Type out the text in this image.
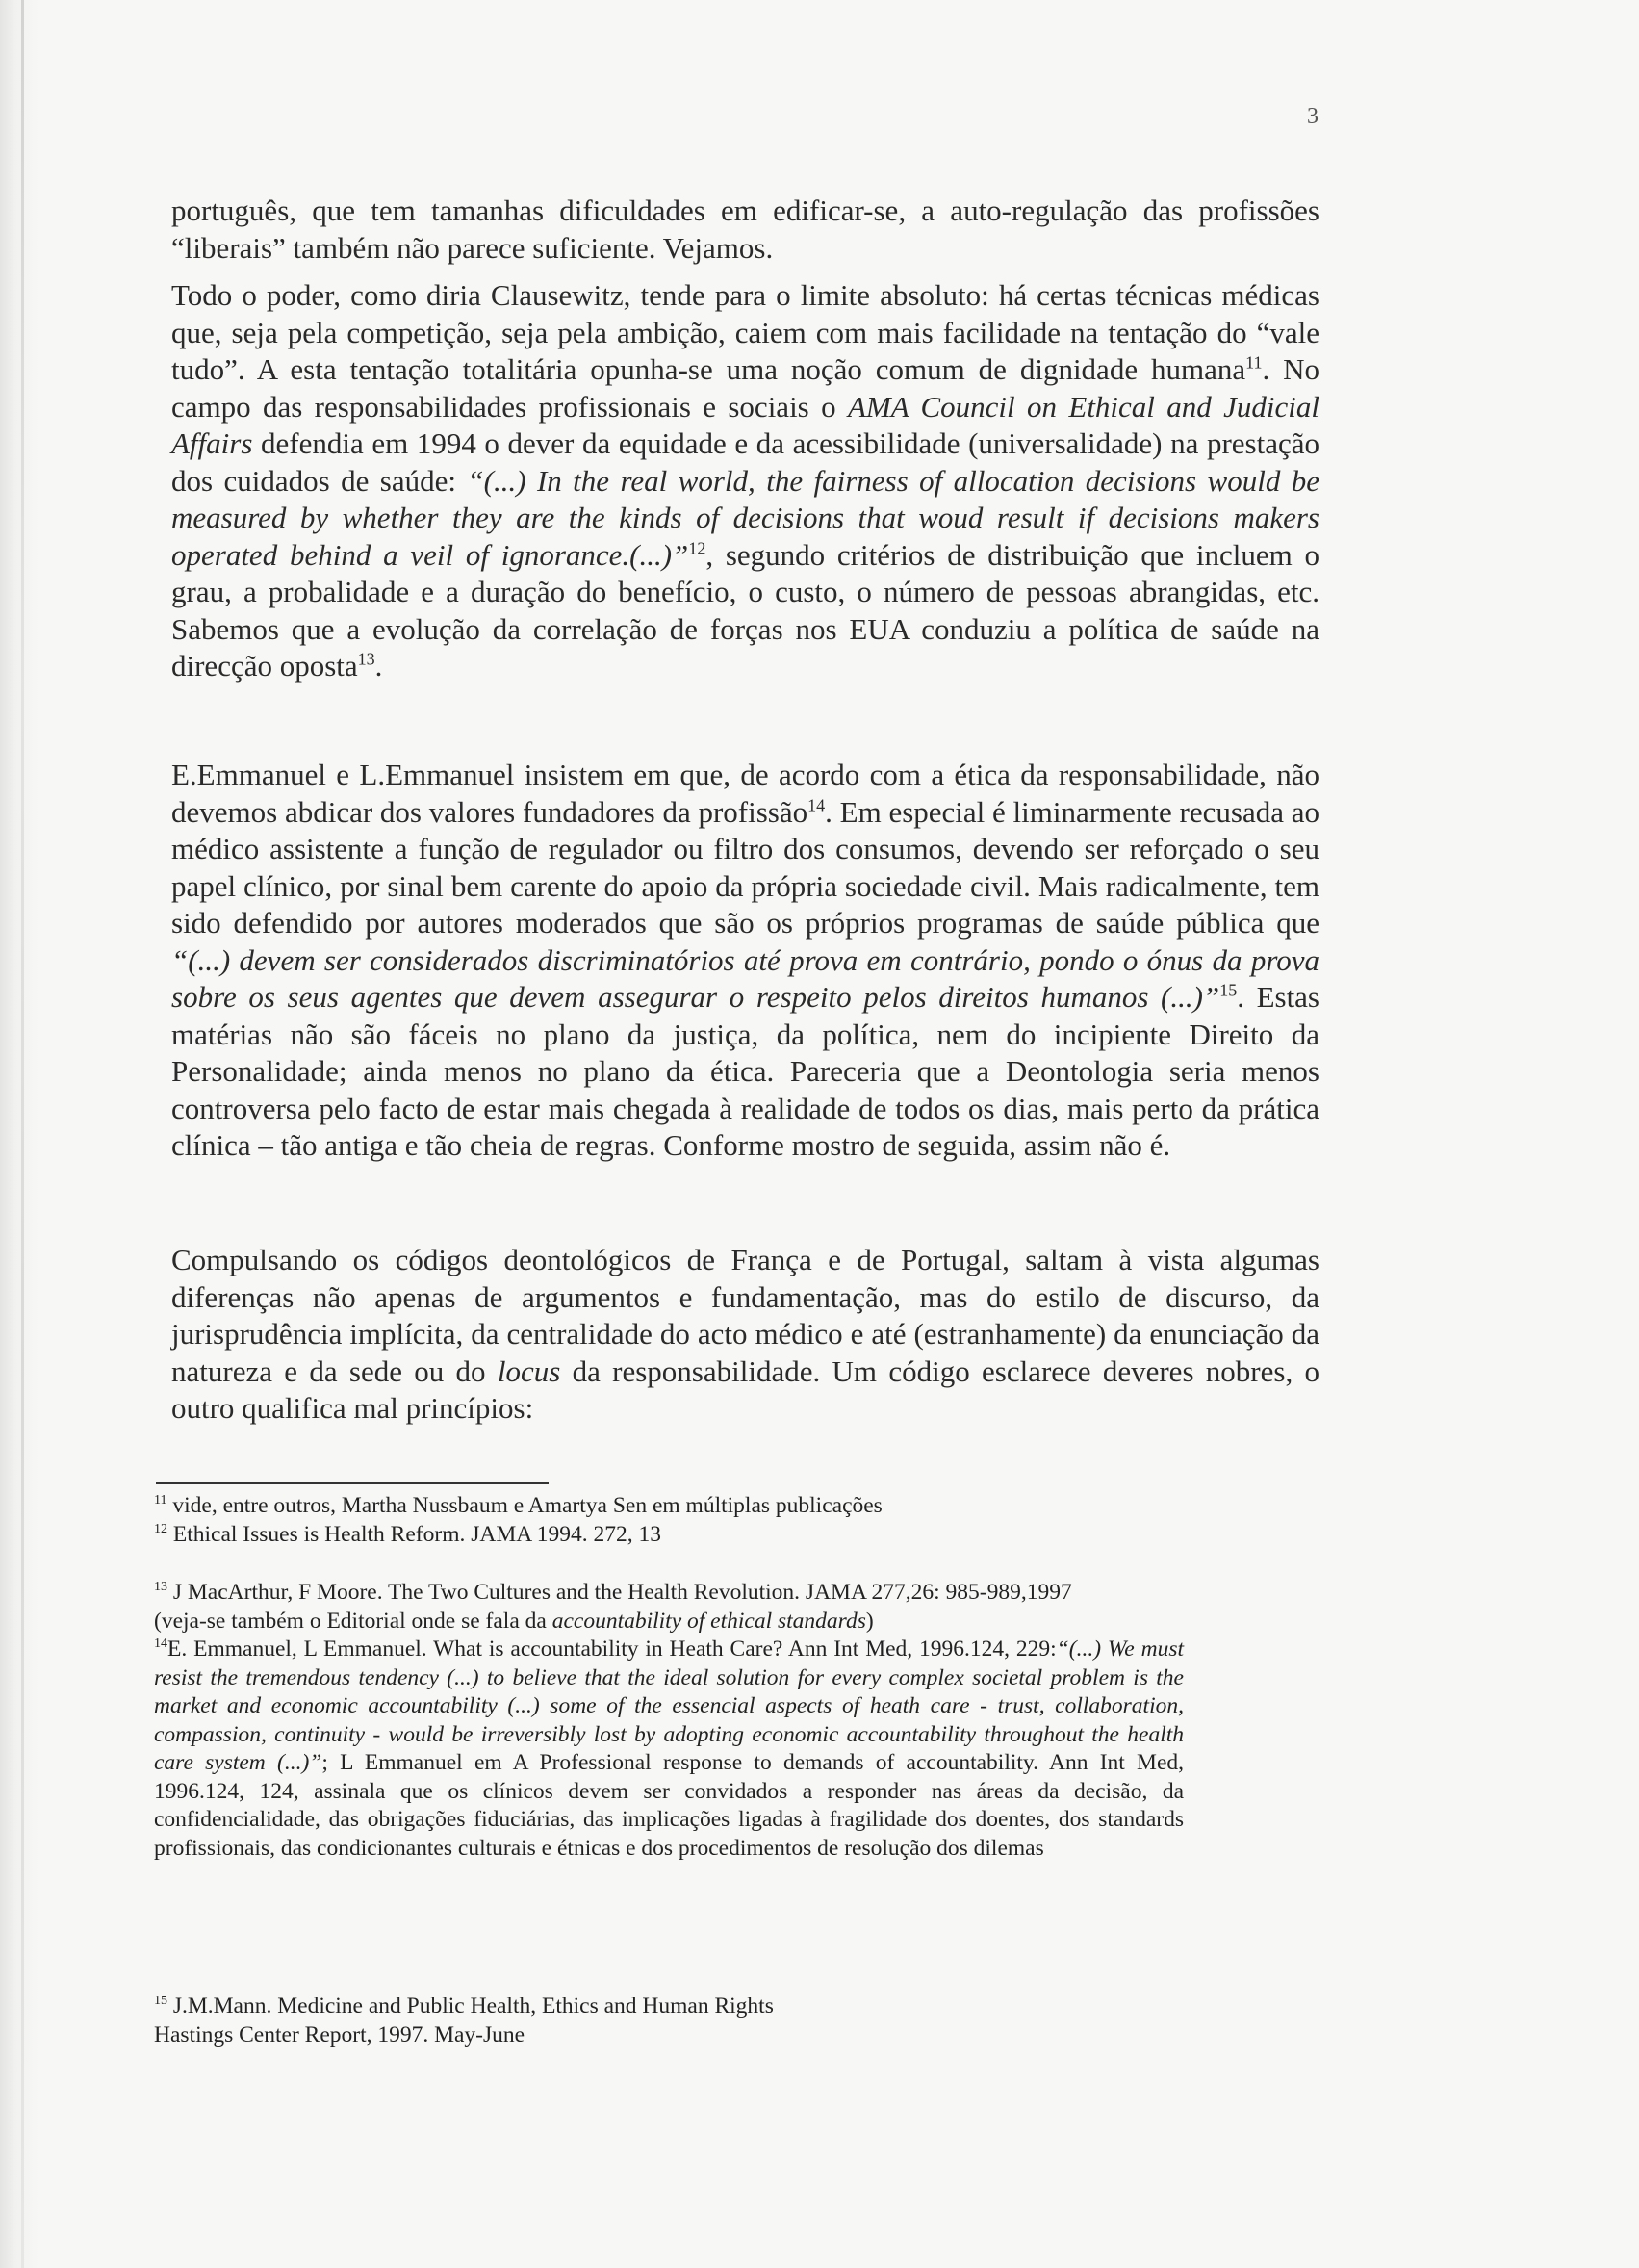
3

português, que tem tamanhas dificuldades em edificar-se, a auto-regulação das profissões “liberais” também não parece suficiente. Vejamos.

Todo o poder, como diria Clausewitz, tende para o limite absoluto: há certas técnicas médicas que, seja pela competição, seja pela ambição, caiem com mais facilidade na tentação do “vale tudo”. A esta tentação totalitária opunha-se uma noção comum de dignidade humana$^{11}$. No campo das responsabilidades profissionais e sociais o AMA Council on Ethical and Judicial Affairs defendia em 1994 o dever da equidade e da acessibilidade (universalidade) na prestação dos cuidados de saúde: “(...) In the real world, the fairness of allocation decisions would be measured by whether they are the kinds of decisions that woud result if decisions makers operated behind a veil of ignorance.(...)”$^{12}$, segundo critérios de distribuição que incluem o grau, a probalidade e a duração do benefício, o custo, o número de pessoas abrangidas, etc. Sabemos que a evolução da correlação de forças nos EUA conduziu a política de saúde na direcção oposta$^{13}$.

E.Emmanuel e L.Emmanuel insistem em que, de acordo com a ética da responsabilidade, não devemos abdicar dos valores fundadores da profissão$^{14}$. Em especial é liminarmente recusada ao médico assistente a função de regulador ou filtro dos consumos, devendo ser reforçado o seu papel clínico, por sinal bem carente do apoio da própria sociedade civil. Mais radicalmente, tem sido defendido por autores moderados que são os próprios programas de saúde pública que “(...) devem ser considerados discriminatórios até prova em contrário, pondo o ónus da prova sobre os seus agentes que devem assegurar o respeito pelos direitos humanos (...)”$^{15}$. Estas matérias não são fáceis no plano da justiça, da política, nem do incipiente Direito da Personalidade; ainda menos no plano da ética. Pareceria que a Deontologia seria menos controversa pelo facto de estar mais chegada à realidade de todos os dias, mais perto da prática clínica – tão antiga e tão cheia de regras. Conforme mostro de seguida, assim não é.

Compulsando os códigos deontológicos de França e de Portugal, saltam à vista algumas diferenças não apenas de argumentos e fundamentação, mas do estilo de discurso, da jurisprudência implícita, da centralidade do acto médico e até (estranhamente) da enunciação da natureza e da sede ou do locus da responsabilidade. Um código esclarece deveres nobres, o outro qualifica mal princípios:

$^{11}$ vide, entre outros, Martha Nussbaum e Amartya Sen em múltiplas publicações
$^{12}$ Ethical Issues is Health Reform. JAMA 1994. 272, 13
$^{13}$ J MacArthur, F Moore. The Two Cultures and the Health Revolution. JAMA 277,26: 985-989,1997
(veja-se também o Editorial onde se fala da accountability of ethical standards)
$^{14}$E. Emmanuel, L Emmanuel. What is accountability in Heath Care? Ann Int Med, 1996.124, 229:“(...) We must resist the tremendous tendency (...) to believe that the ideal solution for every complex societal problem is the market and economic accountability (...) some of the essencial aspects of heath care - trust, collaboration, compassion, continuity - would be irreversibly lost by adopting economic accountability throughout the health care system (...)”; L Emmanuel em A Professional response to demands of accountability. Ann Int Med, 1996.124, 124, assinala que os clínicos devem ser convidados a responder nas áreas da decisão, da confidencialidade, das obrigações fiduciárias, das implicações ligadas à fragilidade dos doentes, dos standards profissionais, das condicionantes culturais e étnicas e dos procedimentos de resolução dos dilemas
$^{15}$ J.M.Mann. Medicine and Public Health, Ethics and Human Rights
Hastings Center Report, 1997. May-June
